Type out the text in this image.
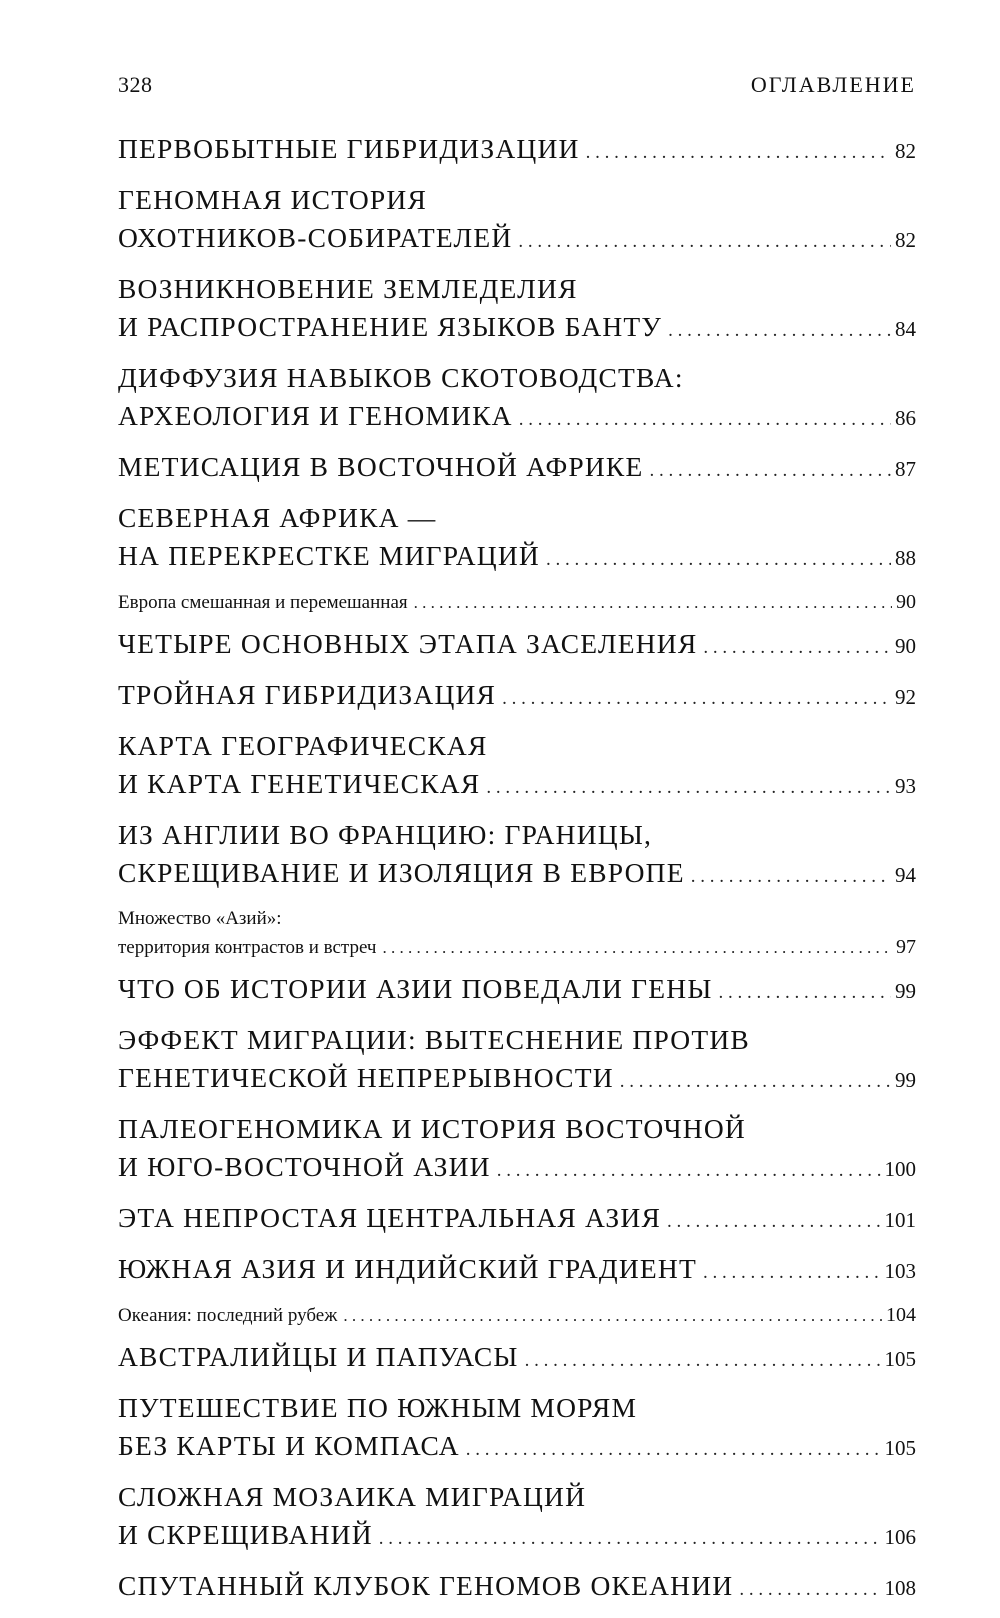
328	ОГЛАВЛЕНИЕ
ПЕРВОБЫТНЫЕ ГИБРИДИЗАЦИИ . . .	82
ГЕНОМНАЯ ИСТОРИЯ
ОХОТНИКОВ-СОБИРАТЕЛЕЙ . . .	82
ВОЗНИКНОВЕНИЕ ЗЕМЛЕДЕЛИЯ
И РАСПРОСТРАНЕНИЕ ЯЗЫКОВ БАНТУ . . .	84
ДИФФУЗИЯ НАВЫКОВ СКОТОВОДСТВА:
АРХЕОЛОГИЯ И ГЕНОМИКА . . .	86
МЕТИСАЦИЯ В ВОСТОЧНОЙ АФРИКЕ . . .	87
СЕВЕРНАЯ АФРИКА —
НА ПЕРЕКРЕСТКЕ МИГРАЦИЙ . . .	88
Европа смешанная и перемешанная . . .	90
ЧЕТЫРЕ ОСНОВНЫХ ЭТАПА ЗАСЕЛЕНИЯ . . .	90
ТРОЙНАЯ ГИБРИДИЗАЦИЯ . . .	92
КАРТА ГЕОГРАФИЧЕСКАЯ
И КАРТА ГЕНЕТИЧЕСКАЯ . . .	93
ИЗ АНГЛИИ ВО ФРАНЦИЮ: ГРАНИЦЫ,
СКРЕЩИВАНИЕ И ИЗОЛЯЦИЯ В ЕВРОПЕ . . .	94
Множество «Азий»:
территория контрастов и встреч . . .	97
ЧТО ОБ ИСТОРИИ АЗИИ ПОВЕДАЛИ ГЕНЫ . . .	99
ЭФФЕКТ МИГРАЦИИ: ВЫТЕСНЕНИЕ ПРОТИВ
ГЕНЕТИЧЕСКОЙ НЕПРЕРЫВНОСТИ . . .	99
ПАЛЕОГЕНОМИКА И ИСТОРИЯ ВОСТОЧНОЙ
И ЮГО-ВОСТОЧНОЙ АЗИИ . . .	100
ЭТА НЕПРОСТАЯ ЦЕНТРАЛЬНАЯ АЗИЯ . . .	101
ЮЖНАЯ АЗИЯ И ИНДИЙСКИЙ ГРАДИЕНТ . . .	103
Океания: последний рубеж . . .	104
АВСТРАЛИЙЦЫ И ПАПУАСЫ . . .	105
ПУТЕШЕСТВИЕ ПО ЮЖНЫМ МОРЯМ
БЕЗ КАРТЫ И КОМПАСА . . .	105
СЛОЖНАЯ МОЗАИКА МИГРАЦИЙ
И СКРЕЩИВАНИЙ . . .	106
СПУТАННЫЙ КЛУБОК ГЕНОМОВ ОКЕАНИИ . . .	108
